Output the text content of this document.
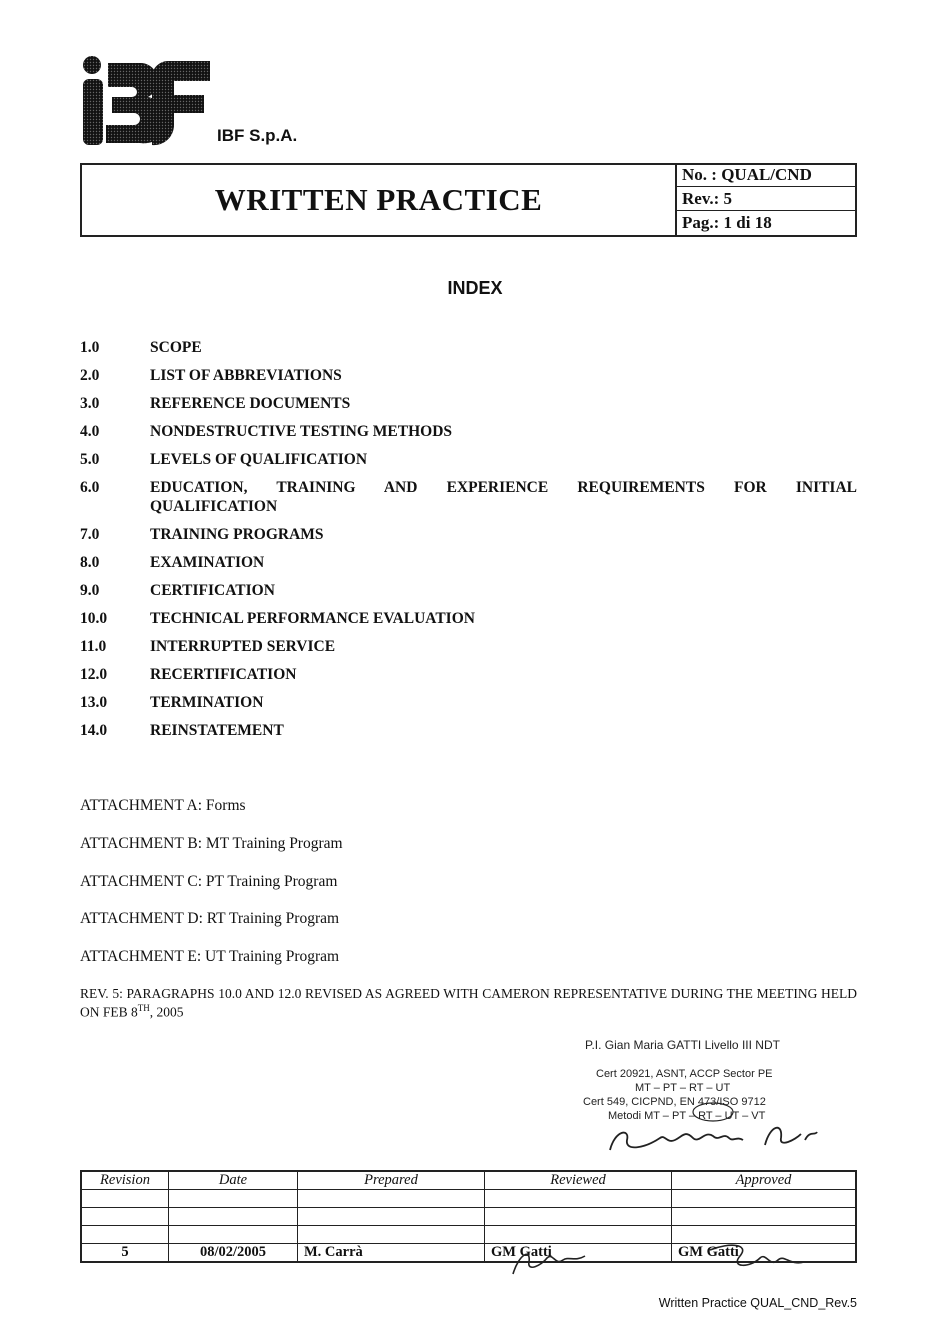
IBF S.p.A.
WRITTEN PRACTICE
No. : QUAL/CND
Rev.: 5
Pag.: 1 di 18
INDEX
1.0	SCOPE
2.0	LIST OF ABBREVIATIONS
3.0	REFERENCE DOCUMENTS
4.0	NONDESTRUCTIVE TESTING METHODS
5.0	LEVELS OF QUALIFICATION
6.0	EDUCATION, TRAINING AND EXPERIENCE REQUIREMENTS FOR INITIAL
QUALIFICATION
7.0	TRAINING PROGRAMS
8.0	EXAMINATION
9.0	CERTIFICATION
10.0	TECHNICAL PERFORMANCE EVALUATION
11.0	INTERRUPTED SERVICE
12.0	RECERTIFICATION
13.0	TERMINATION
14.0	REINSTATEMENT
ATTACHMENT A: Forms
ATTACHMENT B: MT Training Program
ATTACHMENT C: PT Training Program
ATTACHMENT D: RT Training Program
ATTACHMENT E: UT Training Program
REV. 5: PARAGRAPHS 10.0 AND 12.0 REVISED AS AGREED WITH CAMERON REPRESENTATIVE DURING THE MEETING HELD ON FEB 8TH, 2005
P.I. Gian Maria GATTI Livello III NDT
Cert 20921, ASNT, ACCP Sector PE
MT – PT – RT – UT
Cert 549, CICPND, EN 473/ISO 9712
Metodi MT – PT – RT – UT – VT
Revision	Date	Prepared	Reviewed	Approved

5	08/02/2005	M. Carrà	GM Gatti	GM Gatti
Written Practice QUAL_CND_Rev.5
